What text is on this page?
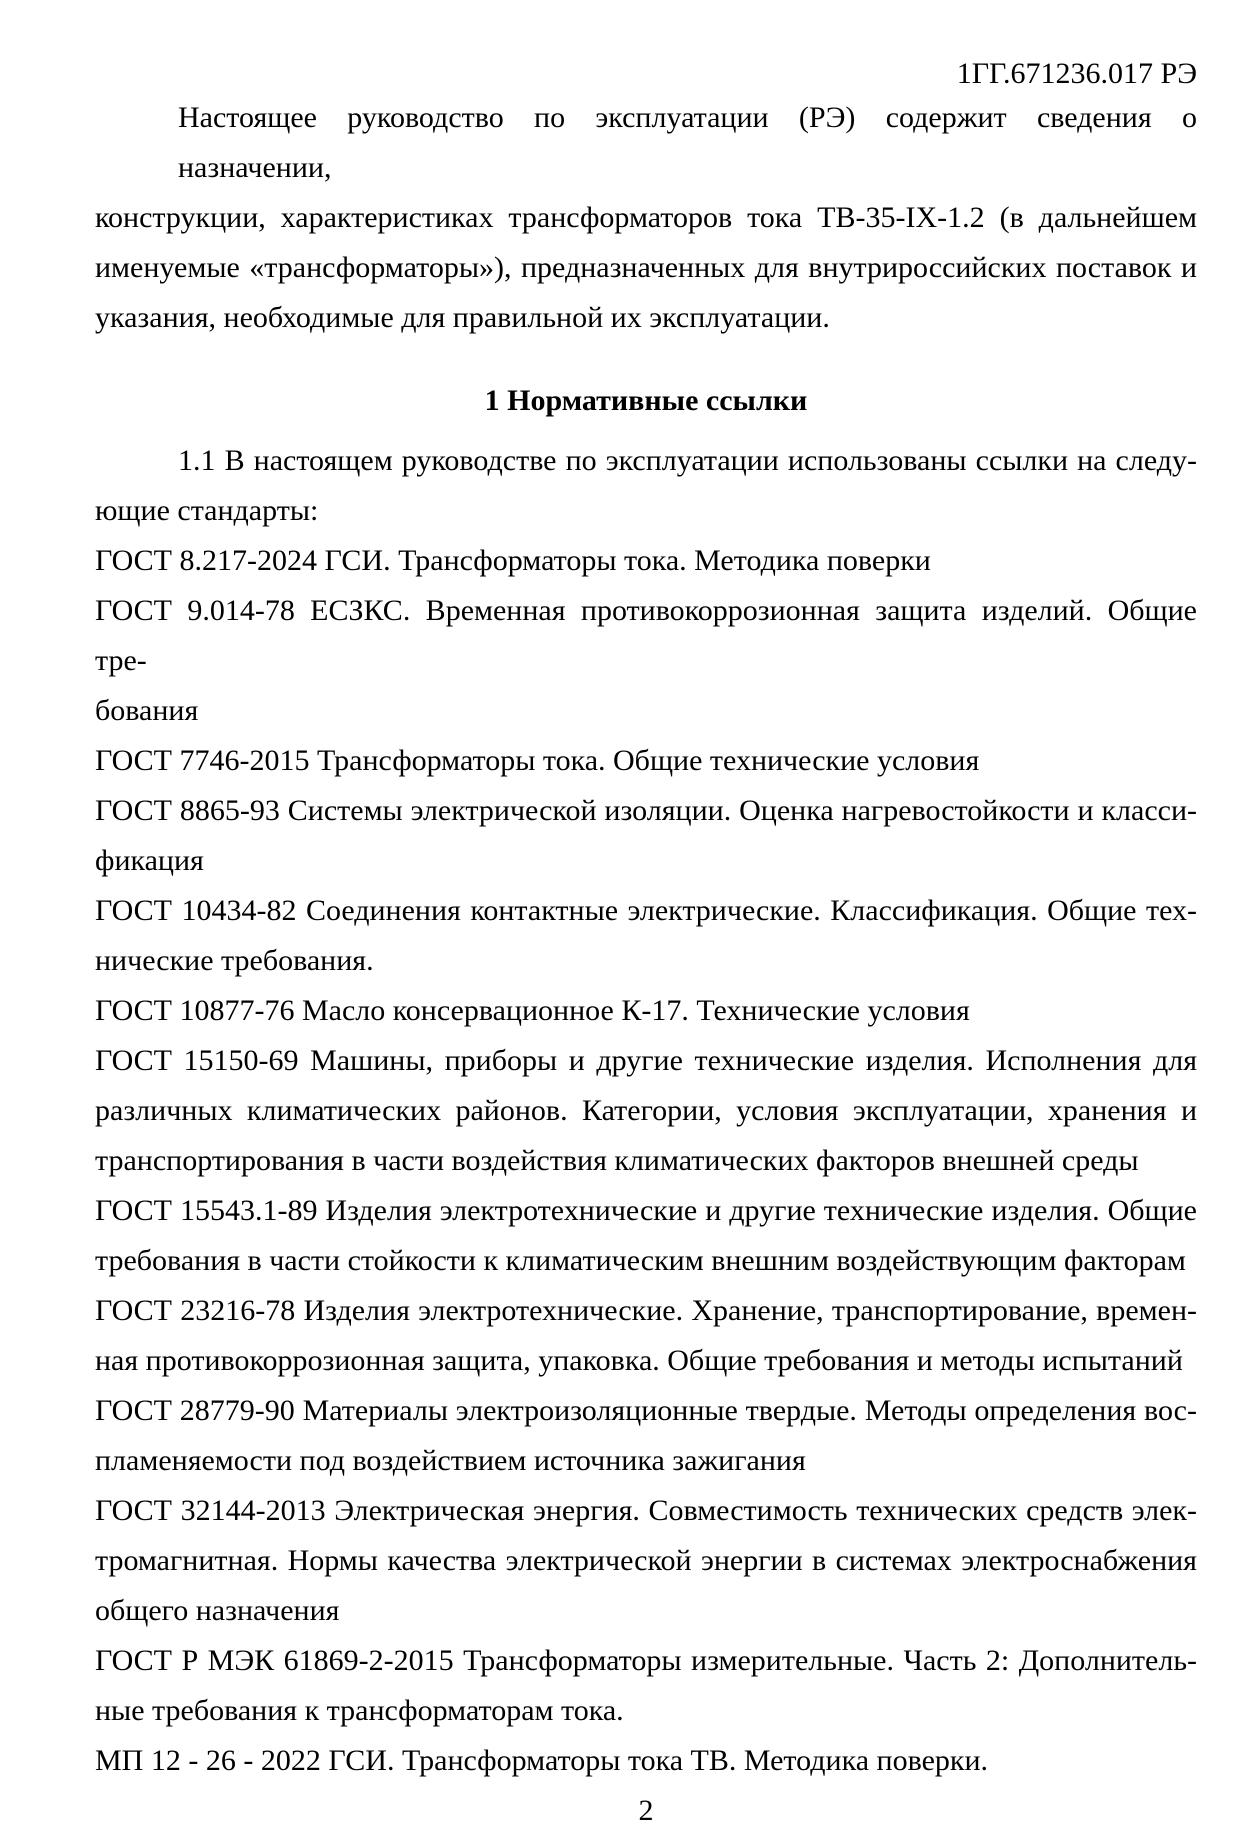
1ГГ.671236.017 РЭ
Настоящее руководство по эксплуатации (РЭ) содержит сведения о назначении,
конструкции, характеристиках трансформаторов тока ТВ-35-IX-1.2 (в дальнейшем
именуемые «трансформаторы»), предназначенных для внутрироссийских поставок и
указания, необходимые для правильной их эксплуатации.
1 Нормативные ссылки
1.1 В настоящем руководстве по эксплуатации использованы ссылки на следу-
ющие стандарты:
ГОСТ 8.217-2024 ГСИ. Трансформаторы тока. Методика поверки
ГОСТ 9.014-78 ЕСЗКС. Временная противокоррозионная защита изделий. Общие тре-
бования
ГОСТ 7746-2015 Трансформаторы тока. Общие технические условия
ГОСТ 8865-93 Системы электрической изоляции. Оценка нагревостойкости и класси-
фикация
ГОСТ 10434-82 Соединения контактные электрические. Классификация. Общие тех-
нические требования.
ГОСТ 10877-76 Масло консервационное К-17. Технические условия
ГОСТ 15150-69 Машины, приборы и другие технические изделия. Исполнения для
различных климатических районов. Категории, условия эксплуатации, хранения и
транспортирования в части воздействия климатических факторов внешней среды
ГОСТ 15543.1-89 Изделия электротехнические и другие технические изделия. Общие
требования в части стойкости к климатическим внешним воздействующим факторам
ГОСТ 23216-78 Изделия электротехнические. Хранение, транспортирование, времен-
ная противокоррозионная защита, упаковка. Общие требования и методы испытаний
ГОСТ 28779-90 Материалы электроизоляционные твердые. Методы определения вос-
пламеняемости под воздействием источника зажигания
ГОСТ 32144-2013 Электрическая энергия. Совместимость технических средств элек-
тромагнитная. Нормы качества электрической энергии в системах электроснабжения
общего назначения
ГОСТ Р МЭК 61869-2-2015 Трансформаторы измерительные. Часть 2: Дополнитель-
ные требования к трансформаторам тока.
МП 12 - 26 - 2022 ГСИ. Трансформаторы тока ТВ. Методика поверки.
2
